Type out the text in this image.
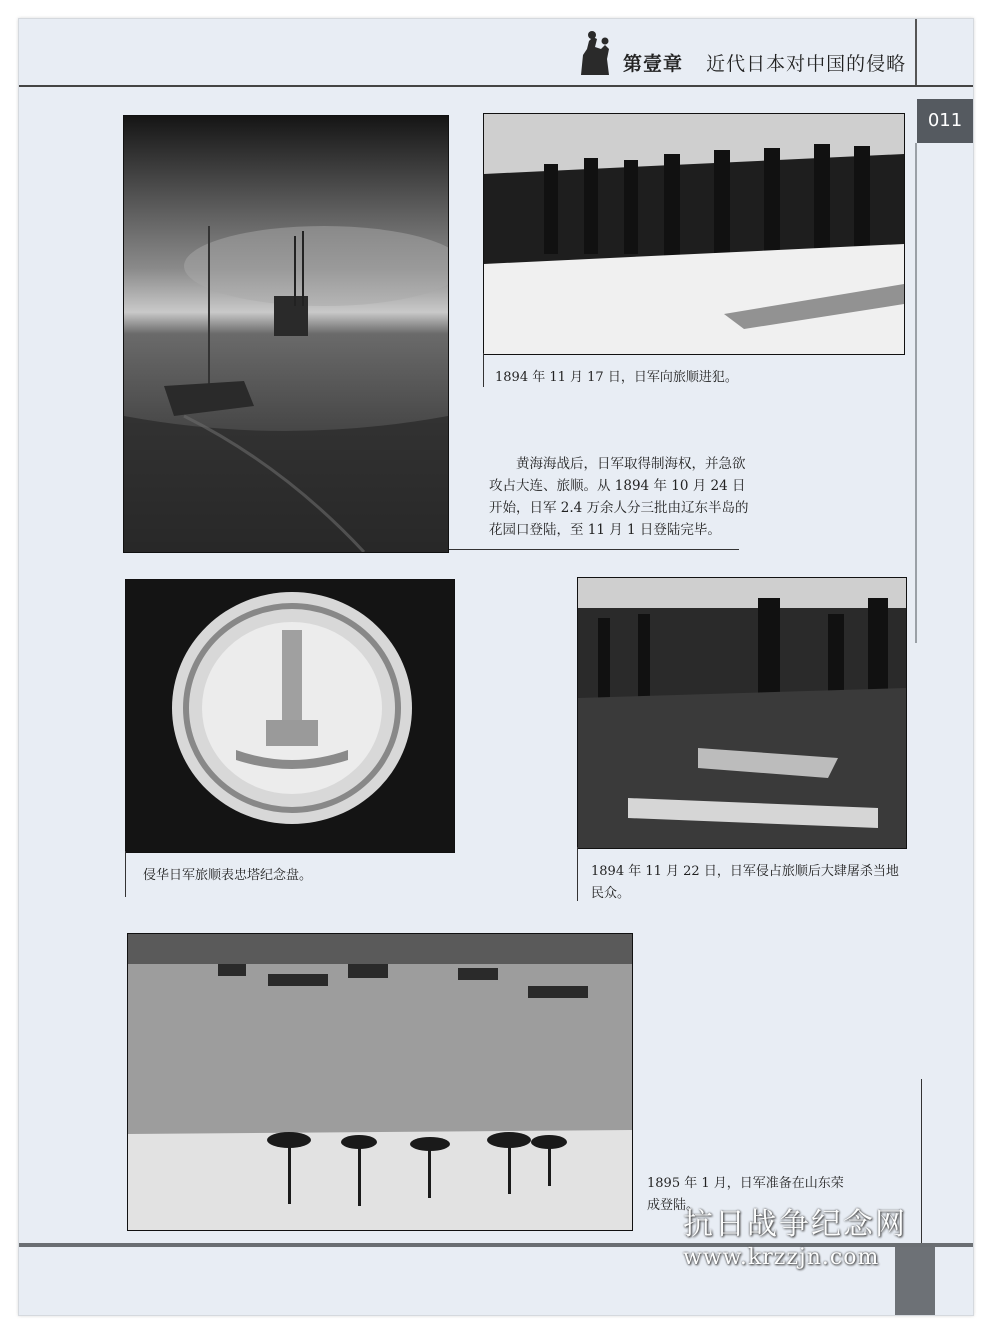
第壹章 近代日本对中国的侵略
011
1894 年 11 月 17 日，日军向旅顺进犯。
黄海海战后，日军取得制海权，并急欲攻占大连、旅顺。从 1894 年 10 月 24 日开始，日军 2.4 万余人分三批由辽东半岛的花园口登陆，至 11 月 1 日登陆完毕。
侵华日军旅顺表忠塔纪念盘。	1894 年 11 月 22 日，日军侵占旅顺后大肆屠杀当地民众。
1895 年 1 月，日军准备在山东荣成登陆。
抗日战争纪念网
www.krzzjn.com
